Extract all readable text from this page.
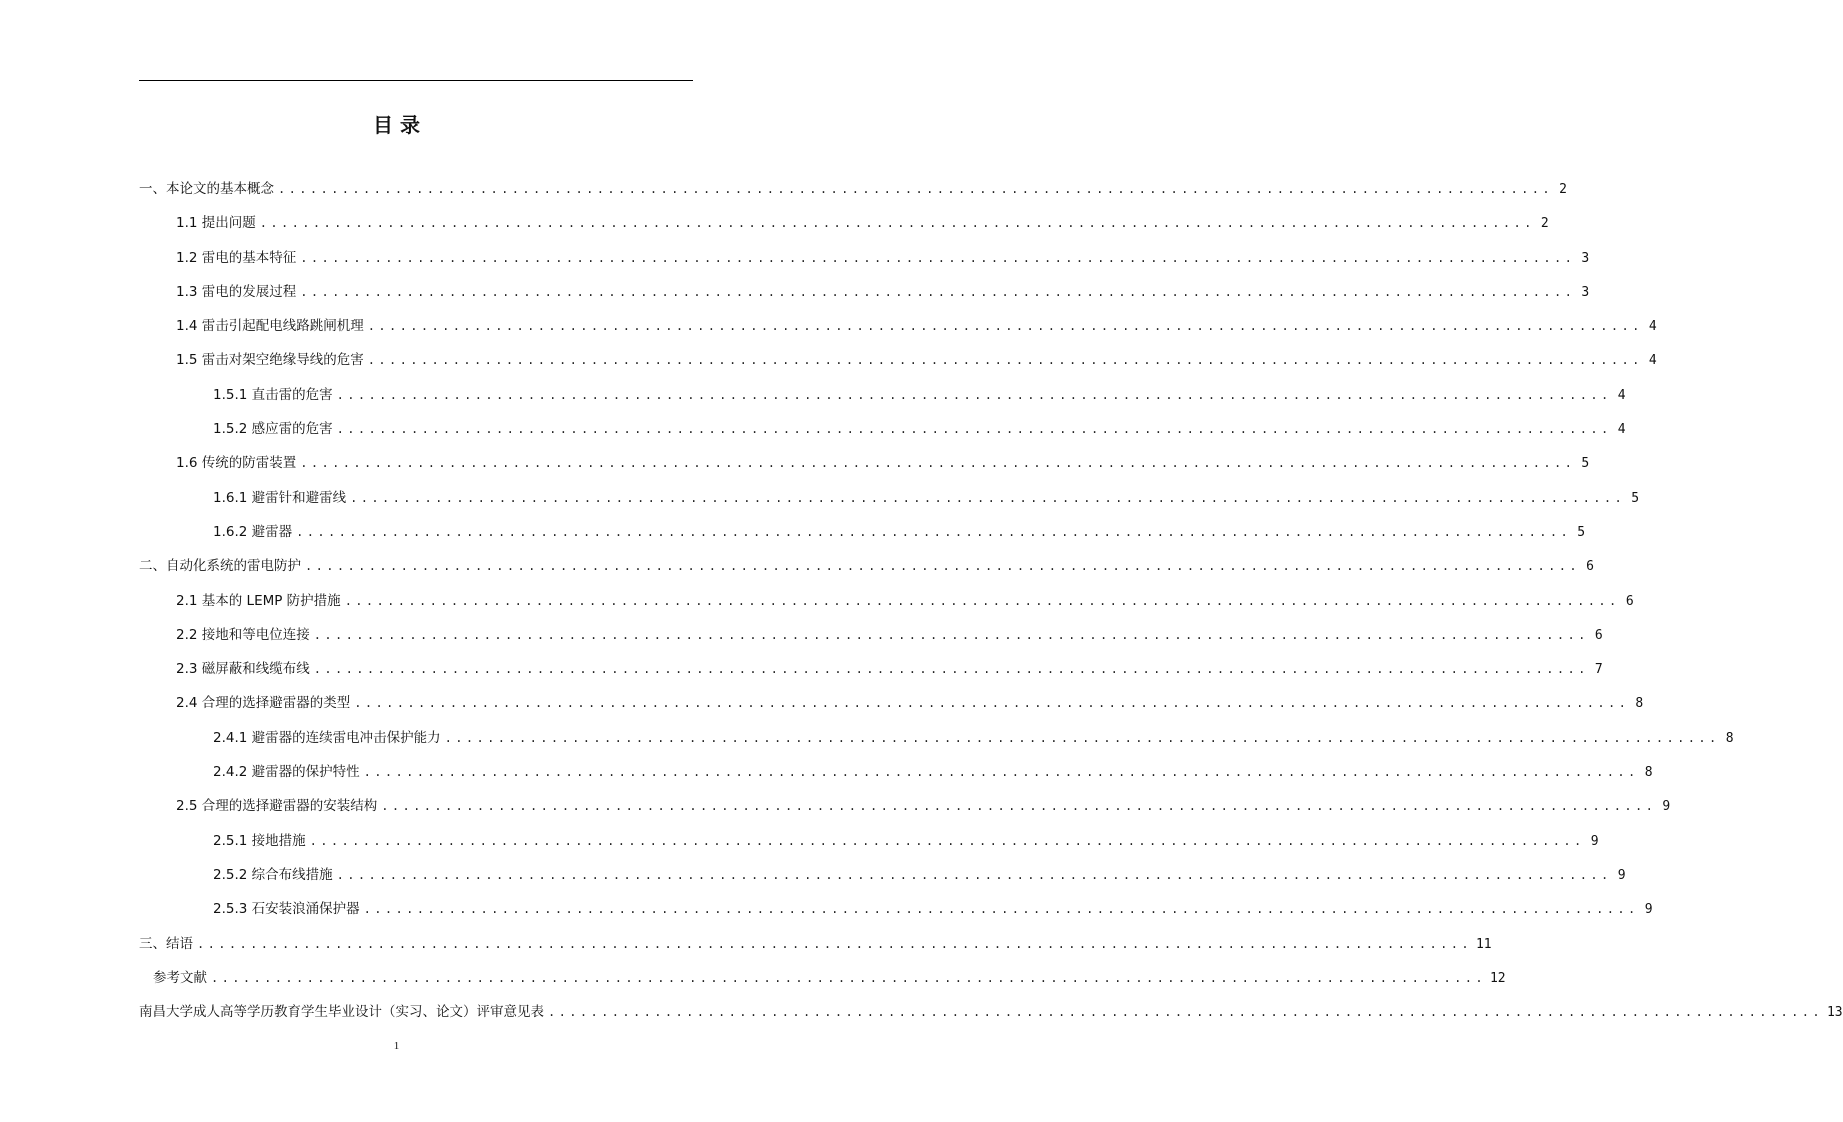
目 录
一、本论文的基本概念 ........................................................................................................................ 2
1.1 提出问题 ........................................................................................................................ 2
1.2 雷电的基本特征 ........................................................................................................................ 3
1.3 雷电的发展过程 ........................................................................................................................ 3
1.4 雷击引起配电线路跳闸机理 ........................................................................................................................ 4
1.5 雷击对架空绝缘导线的危害 ........................................................................................................................ 4
1.5.1 直击雷的危害 ........................................................................................................................ 4
1.5.2 感应雷的危害 ........................................................................................................................ 4
1.6 传统的防雷装置 ........................................................................................................................ 5
1.6.1 避雷针和避雷线 ........................................................................................................................ 5
1.6.2 避雷器 ........................................................................................................................ 5
二、自动化系统的雷电防护 ........................................................................................................................ 6
2.1 基本的 LEMP 防护措施 ........................................................................................................................ 6
2.2 接地和等电位连接 ........................................................................................................................ 6
2.3 磁屏蔽和线缆布线 ........................................................................................................................ 7
2.4 合理的选择避雷器的类型 ........................................................................................................................ 8
2.4.1 避雷器的连续雷电冲击保护能力 ........................................................................................................................ 8
2.4.2 避雷器的保护特性 ........................................................................................................................ 8
2.5 合理的选择避雷器的安装结构 ........................................................................................................................ 9
2.5.1 接地措施 ........................................................................................................................ 9
2.5.2 综合布线措施 ........................................................................................................................ 9
2.5.3 石安装浪涌保护器 ........................................................................................................................ 9
三、结语 ........................................................................................................................ 11
参考文献 ........................................................................................................................ 12
南昌大学成人高等学历教育学生毕业设计（实习、论文）评审意见表 ........................................................................................................................ 13
1
